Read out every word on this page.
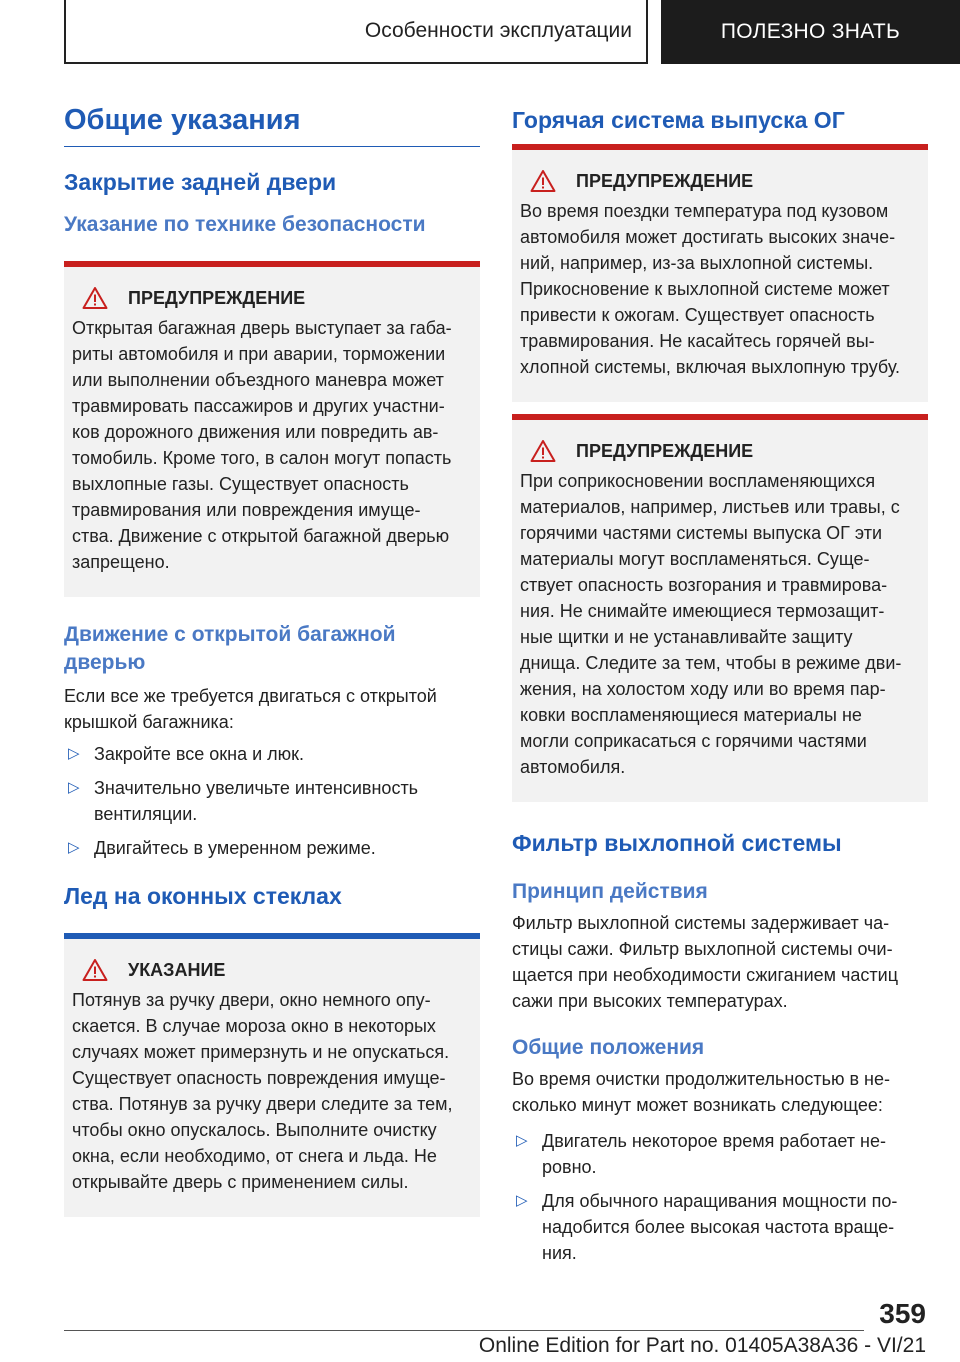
Особенности эксплуатации	ПОЛЕЗНО ЗНАТЬ
Общие указания
Закрытие задней двери
Указание по технике безопасности
ПРЕДУПРЕЖДЕНИЕ
Открытая багажная дверь выступает за габа-
риты автомобиля и при аварии, торможении
или выполнении объездного маневра может
травмировать пассажиров и других участни-
ков дорожного движения или повредить ав-
томобиль. Кроме того, в салон могут попасть
выхлопные газы. Существует опасность
травмирования или повреждения имуще-
ства. Движение с открытой багажной дверью
запрещено.
Движение с открытой багажной
дверью
Если все же требуется двигаться с открытой
крышкой багажника:
▷ Закройте все окна и люк.
▷ Значительно увеличьте интенсивность
вентиляции.
▷ Двигайтесь в умеренном режиме.
Лед на оконных стеклах
УКАЗАНИЕ
Потянув за ручку двери, окно немного опу-
скается. В случае мороза окно в некоторых
случаях может примерзнуть и не опускаться.
Существует опасность повреждения имуще-
ства. Потянув за ручку двери следите за тем,
чтобы окно опускалось. Выполните очистку
окна, если необходимо, от снега и льда. Не
открывайте дверь с применением силы.
Горячая система выпуска ОГ
ПРЕДУПРЕЖДЕНИЕ
Во время поездки температура под кузовом
автомобиля может достигать высоких значе-
ний, например, из-за выхлопной системы.
Прикосновение к выхлопной системе может
привести к ожогам. Существует опасность
травмирования. Не касайтесь горячей вы-
хлопной системы, включая выхлопную трубу.
ПРЕДУПРЕЖДЕНИЕ
При соприкосновении воспламеняющихся
материалов, например, листьев или травы, с
горячими частями системы выпуска ОГ эти
материалы могут воспламеняться. Суще-
ствует опасность возгорания и травмирова-
ния. Не снимайте имеющиеся термозащит-
ные щитки и не устанавливайте защиту
днища. Следите за тем, чтобы в режиме дви-
жения, на холостом ходу или во время пар-
ковки воспламеняющиеся материалы не
могли соприкасаться с горячими частями
автомобиля.
Фильтр выхлопной системы
Принцип действия
Фильтр выхлопной системы задерживает ча-
стицы сажи. Фильтр выхлопной системы очи-
щается при необходимости сжиганием частиц
сажи при высоких температурах.
Общие положения
Во время очистки продолжительностью в не-
сколько минут может возникать следующее:
▷ Двигатель некоторое время работает не-
ровно.
▷ Для обычного наращивания мощности по-
надобится более высокая частота враще-
ния.
359
Online Edition for Part no. 01405A38A36 - VI/21
